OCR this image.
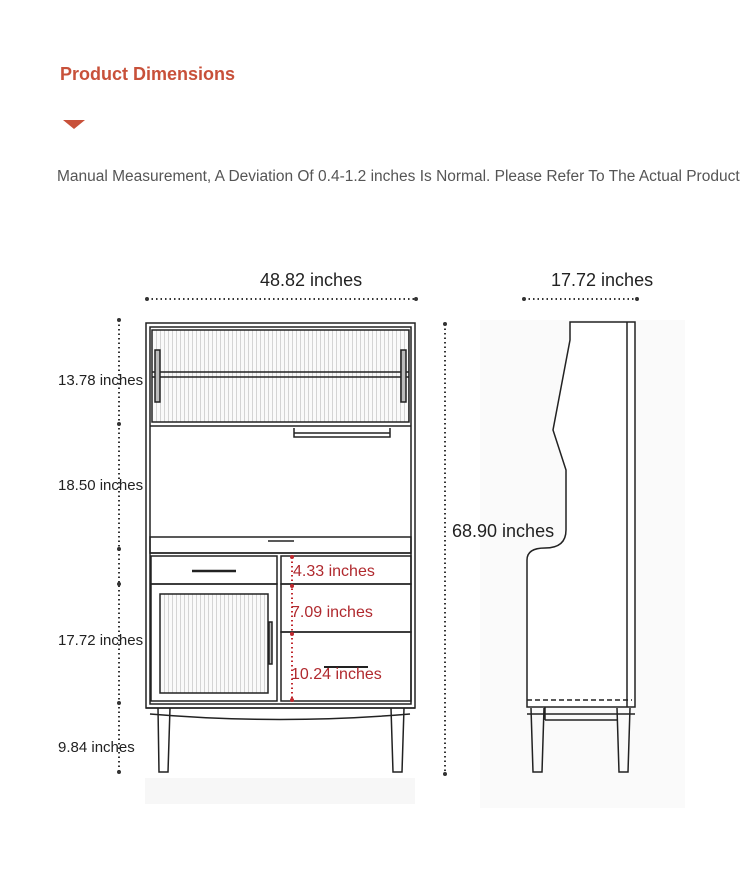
Product Dimensions
Manual Measurement, A Deviation Of 0.4-1.2 inches Is Normal. Please Refer To The Actual Product
48.82 inches	17.72 inches
13.78 inches
18.50 inches
17.72 inches
9.84 inches
68.90 inches
4.33 inches
7.09 inches
10.24 inches
